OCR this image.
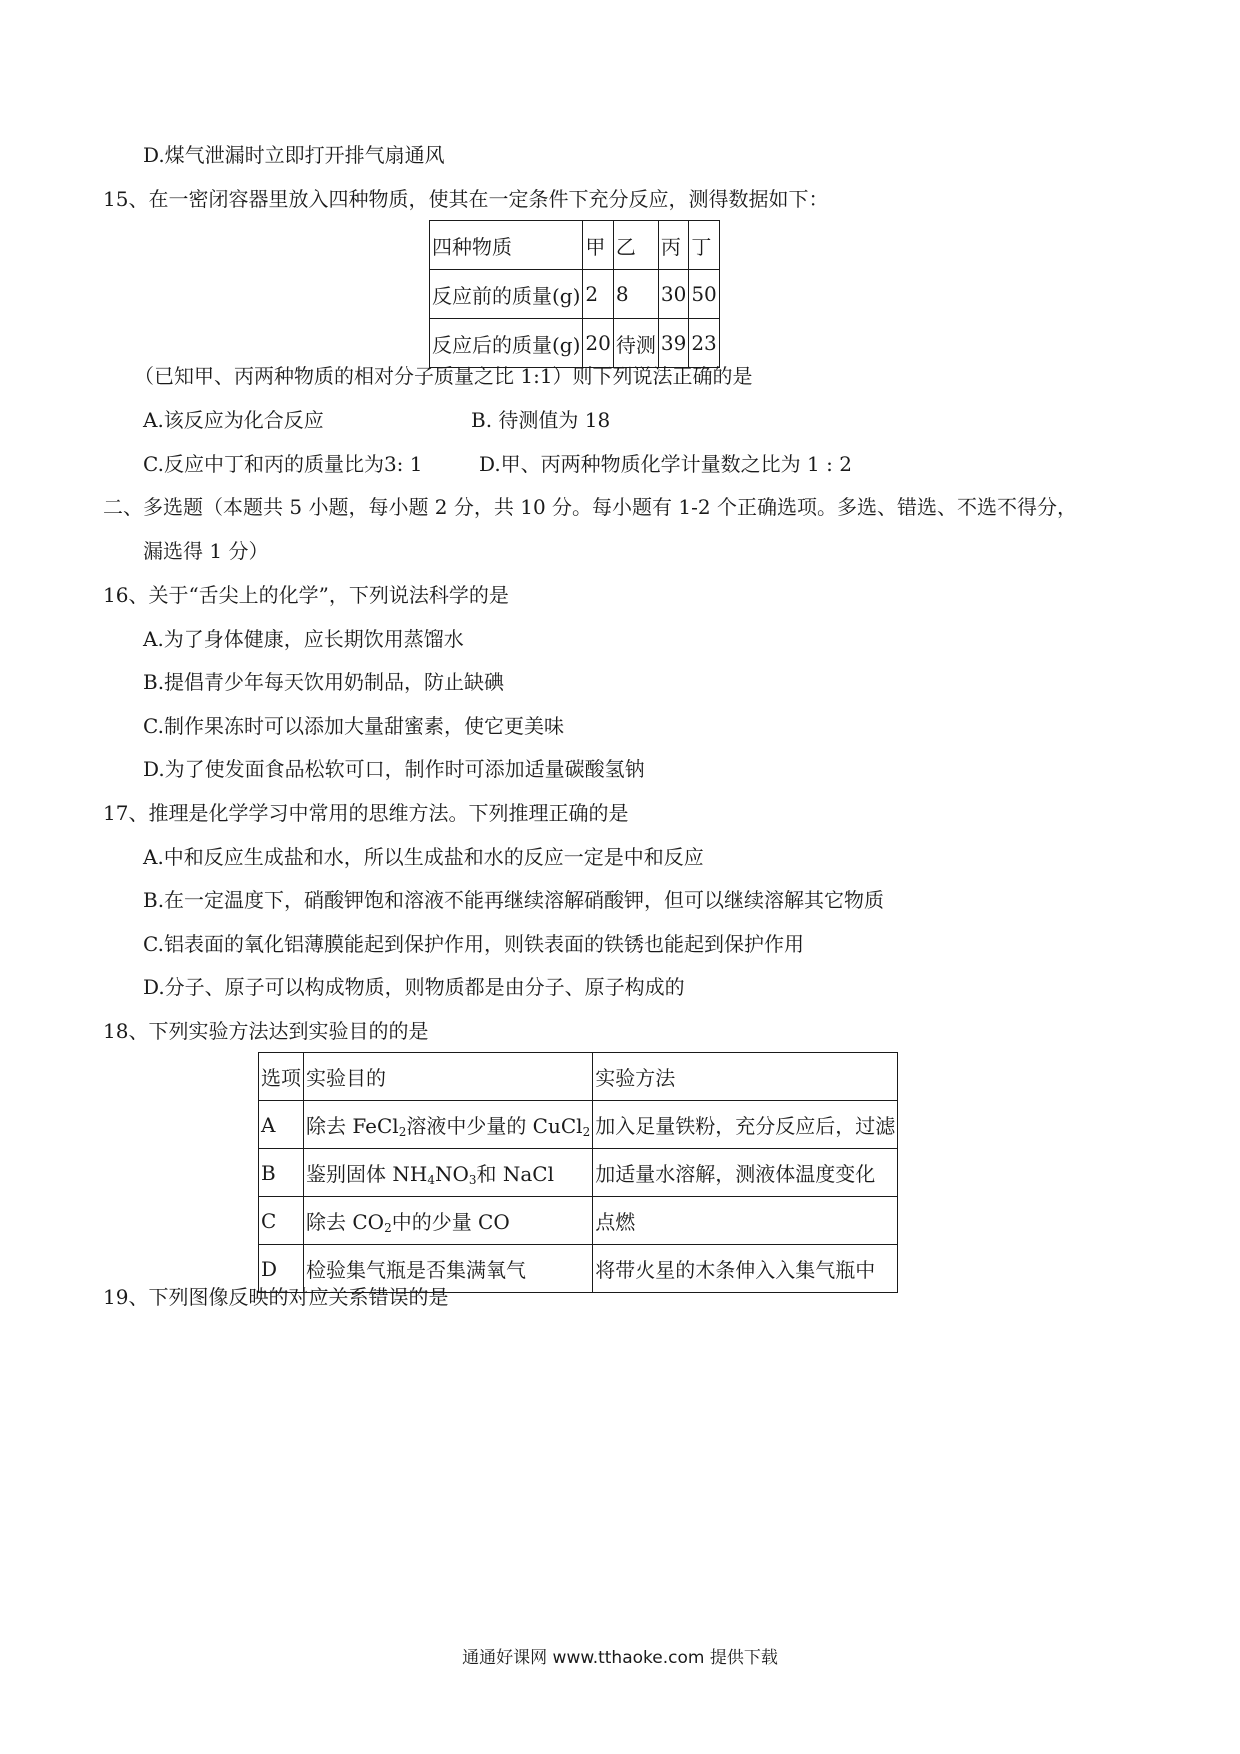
D.煤气泄漏时立即打开排气扇通风
15、在一密闭容器里放入四种物质，使其在一定条件下充分反应，测得数据如下：
四种物质	甲	乙	丙	丁
反应前的质量(g)	2	8	30	50
反应后的质量(g)	20	待测	39	23
（已知甲、丙两种物质的相对分子质量之比 1:1）则下列说法正确的是
A.该反应为化合反应	B. 待测值为 18
C.反应中丁和丙的质量比为3: 1	D.甲、丙两种物质化学计量数之比为 1 : 2
二、多选题（本题共 5 小题，每小题 2 分，共 10 分。每小题有 1-2 个正确选项。多选、错选、不选不得分，
漏选得 1 分）
16、关于“舌尖上的化学”，下列说法科学的是
A.为了身体健康，应长期饮用蒸馏水
B.提倡青少年每天饮用奶制品，防止缺碘
C.制作果冻时可以添加大量甜蜜素，使它更美味
D.为了使发面食品松软可口，制作时可添加适量碳酸氢钠
17、推理是化学学习中常用的思维方法。下列推理正确的是
A.中和反应生成盐和水，所以生成盐和水的反应一定是中和反应
B.在一定温度下，硝酸钾饱和溶液不能再继续溶解硝酸钾，但可以继续溶解其它物质
C.铝表面的氧化铝薄膜能起到保护作用，则铁表面的铁锈也能起到保护作用
D.分子、原子可以构成物质，则物质都是由分子、原子构成的
18、下列实验方法达到实验目的的是
选项	实验目的	实验方法
A	除去 FeCl$_2$溶液中少量的 CuCl$_2$	加入足量铁粉，充分反应后，过滤
B	鉴别固体 $NH_4NO_3$和 NaCl	加适量水溶解，测液体温度变化
C	除去 $CO_2$中的少量 CO	点燃
D	检验集气瓶是否集满氧气	将带火星的木条伸入入集气瓶中
19、下列图像反映的对应关系错误的是
通通好课网 www.tthaoke.com 提供下载
